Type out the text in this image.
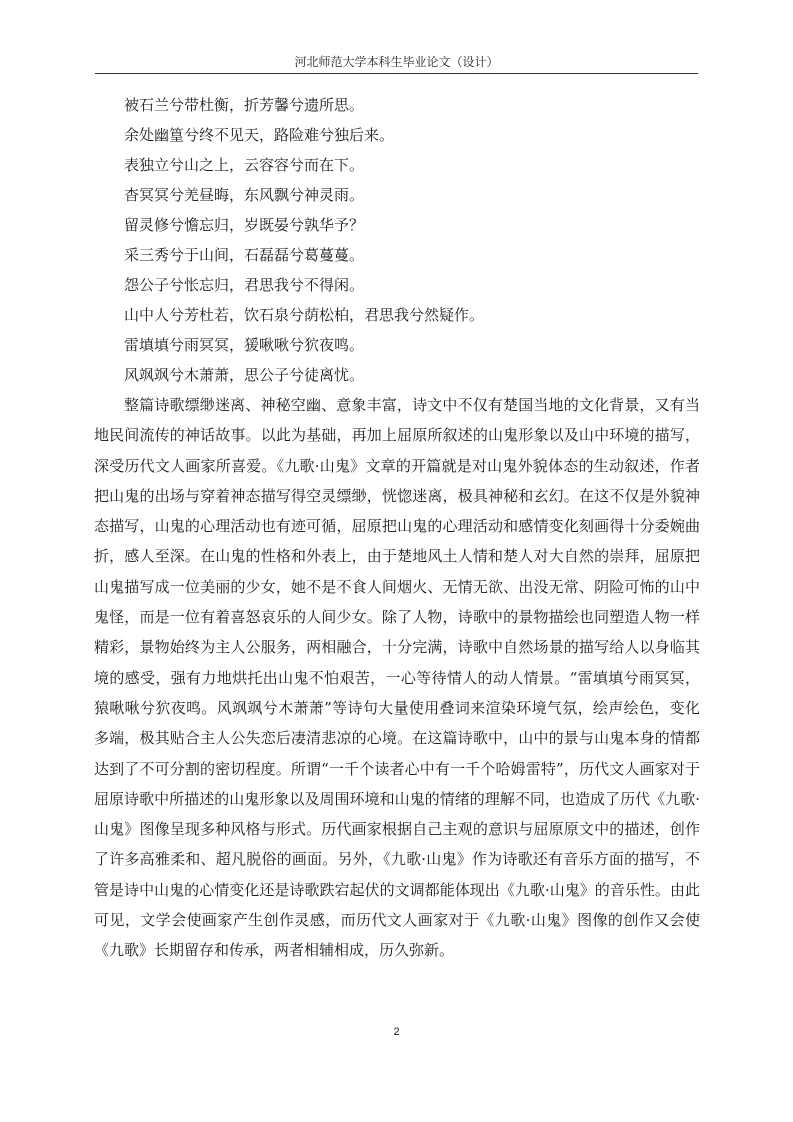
河北师范大学本科生毕业论文（设计）
被石兰兮带杜衡，折芳馨兮遗所思。
余处幽篁兮终不见天，路险难兮独后来。
表独立兮山之上，云容容兮而在下。
杳冥冥兮羌昼晦，东风飘兮神灵雨。
留灵修兮憺忘归，岁既晏兮孰华予？
采三秀兮于山间，石磊磊兮葛蔓蔓。
怨公子兮怅忘归，君思我兮不得闲。
山中人兮芳杜若，饮石泉兮荫松柏，君思我兮然疑作。
雷填填兮雨冥冥，猨啾啾兮狖夜鸣。
风飒飒兮木萧萧，思公子兮徒离忧。

整篇诗歌缥缈迷离、神秘空幽、意象丰富，诗文中不仅有楚国当地的文化背景，又有当地民间流传的神话故事。以此为基础，再加上屈原所叙述的山鬼形象以及山中环境的描写，深受历代文人画家所喜爱。《九歌·山鬼》文章的开篇就是对山鬼外貌体态的生动叙述，作者把山鬼的出场与穿着神态描写得空灵缥缈，恍惚迷离，极具神秘和玄幻。在这不仅是外貌神态描写，山鬼的心理活动也有迹可循，屈原把山鬼的心理活动和感情变化刻画得十分委婉曲折，感人至深。在山鬼的性格和外表上，由于楚地风土人情和楚人对大自然的崇拜，屈原把山鬼描写成一位美丽的少女，她不是不食人间烟火、无情无欲、出没无常、阴险可怖的山中鬼怪，而是一位有着喜怒哀乐的人间少女。除了人物，诗歌中的景物描绘也同塑造人物一样精彩，景物始终为主人公服务，两相融合，十分完满，诗歌中自然场景的描写给人以身临其境的感受，强有力地烘托出山鬼不怕艰苦，一心等待情人的动人情景。“雷填填兮雨冥冥，猿啾啾兮狖夜鸣。风飒飒兮木萧萧”等诗句大量使用叠词来渲染环境气氛，绘声绘色，变化多端，极其贴合主人公失恋后凄清悲凉的心境。在这篇诗歌中，山中的景与山鬼本身的情都达到了不可分割的密切程度。所谓“一千个读者心中有一千个哈姆雷特”，历代文人画家对于屈原诗歌中所描述的山鬼形象以及周围环境和山鬼的情绪的理解不同，也造成了历代《九歌·山鬼》图像呈现多种风格与形式。历代画家根据自己主观的意识与屈原原文中的描述，创作了许多高雅柔和、超凡脱俗的画面。另外，《九歌·山鬼》作为诗歌还有音乐方面的描写，不管是诗中山鬼的心情变化还是诗歌跌宕起伏的文调都能体现出《九歌·山鬼》的音乐性。由此可见，文学会使画家产生创作灵感，而历代文人画家对于《九歌·山鬼》图像的创作又会使《九歌》长期留存和传承，两者相辅相成，历久弥新。

2
